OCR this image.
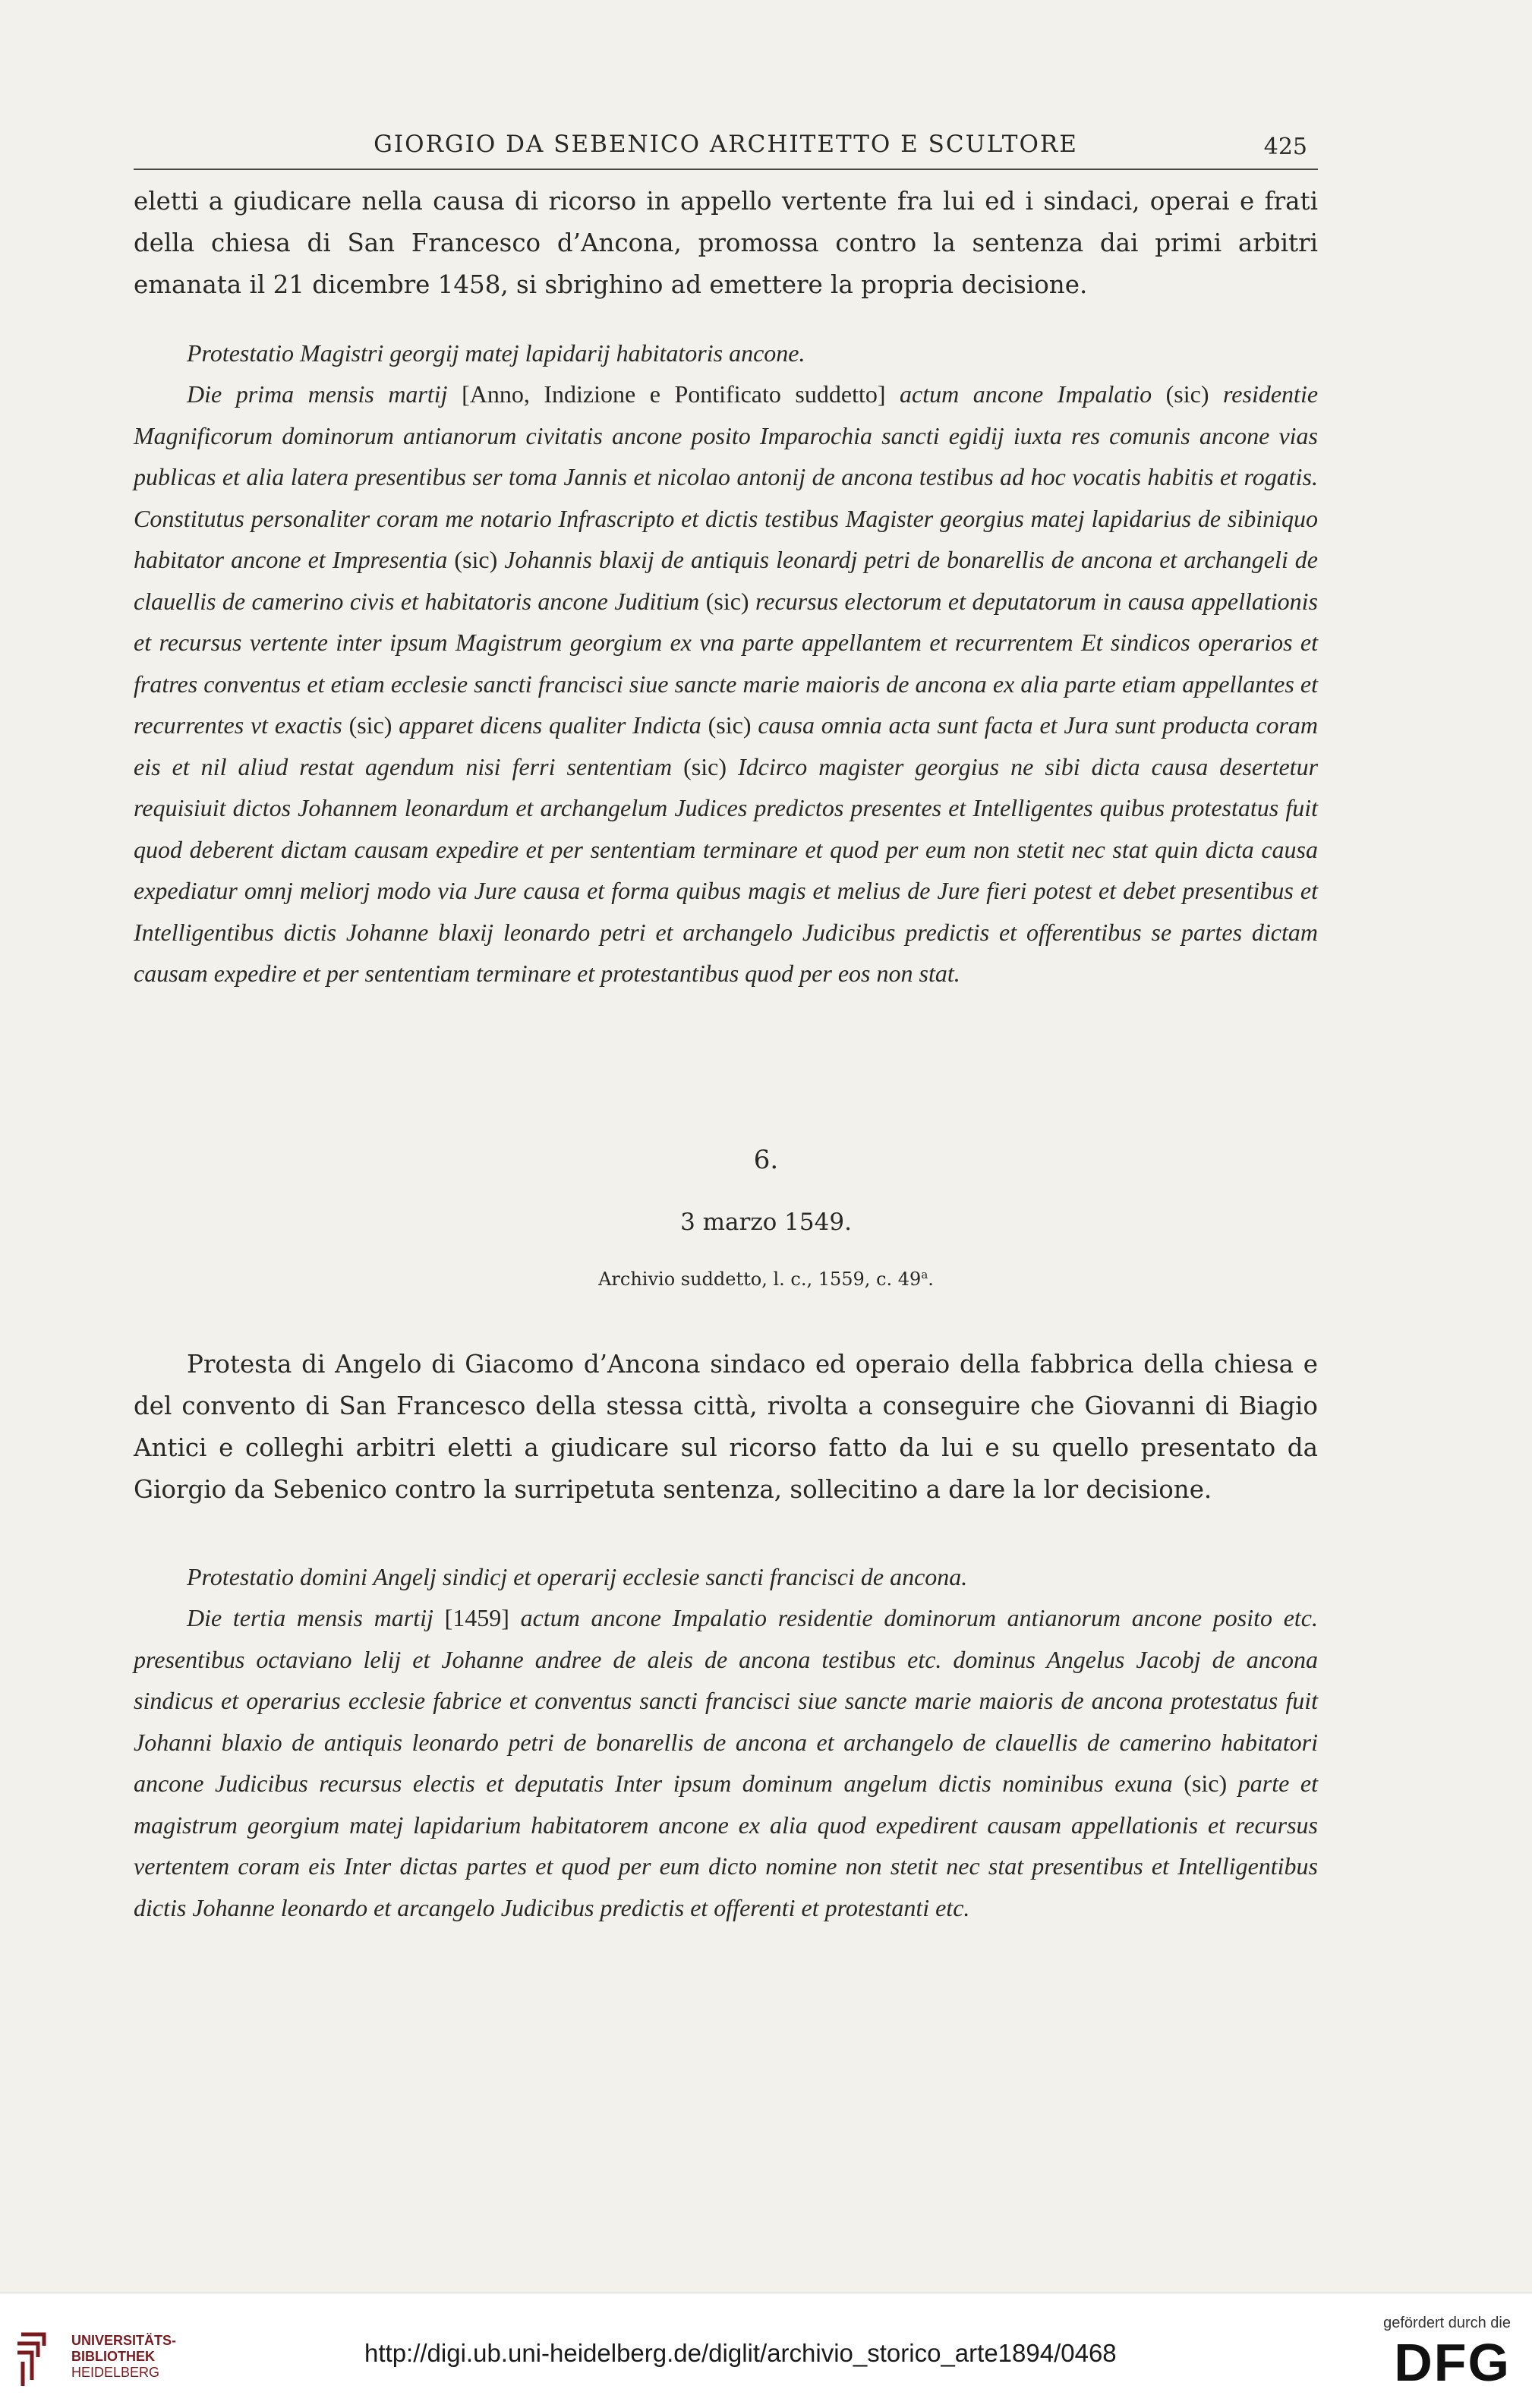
GIORGIO DA SEBENICO ARCHITETTO E SCULTORE	425

eletti a giudicare nella causa di ricorso in appello vertente fra lui ed i sindaci, operai e frati della chiesa di San Francesco d’Ancona, promossa contro la sentenza dai primi arbitri emanata il 21 dicembre 1458, si sbrighino ad emettere la propria decisione.

Protestatio Magistri georgij matej lapidarij habitatoris ancone.

Die prima mensis martij [Anno, Indizione e Pontificato suddetto] actum ancone Impalatio (sic) residentie Magnificorum dominorum antianorum civitatis ancone posito Imparochia sancti egidij iuxta res comunis ancone vias publicas et alia latera presentibus ser toma Jannis et nicolao antonij de ancona testibus ad hoc vocatis habitis et rogatis. Constitutus personaliter coram me notario Infrascripto et dictis testibus Magister georgius matej lapidarius de sibiniquo habitator ancone et Impresentia (sic) Johannis blaxij de antiquis leonardj petri de bonarellis de ancona et archangeli de clauellis de camerino civis et habitatoris ancone Juditium (sic) recursus electorum et deputatorum in causa appellationis et recursus vertente inter ipsum Magistrum georgium ex vna parte appellantem et recurrentem Et sindicos operarios et fratres conventus et etiam ecclesie sancti francisci siue sancte marie maioris de ancona ex alia parte etiam appellantes et recurrentes vt exactis (sic) apparet dicens qualiter Indicta (sic) causa omnia acta sunt facta et Jura sunt producta coram eis et nil aliud restat agendum nisi ferri sententiam (sic) Idcirco magister georgius ne sibi dicta causa desertetur requisiuit dictos Johannem leonardum et archangelum Judices predictos presentes et Intelligentes quibus protestatus fuit quod deberent dictam causam expedire et per sententiam terminare et quod per eum non stetit nec stat quin dicta causa expediatur omnj meliorj modo via Jure causa et forma quibus magis et melius de Jure fieri potest et debet presentibus et Intelligentibus dictis Johanne blaxij leonardo petri et archangelo Judicibus predictis et offerentibus se partes dictam causam expedire et per sententiam terminare et protestantibus quod per eos non stat.

6.
3 marzo 1549.
Archivio suddetto, l. c., 1559, c. 49$^a$.

Protesta di Angelo di Giacomo d’Ancona sindaco ed operaio della fabbrica della chiesa e del convento di San Francesco della stessa città, rivolta a conseguire che Giovanni di Biagio Antici e colleghi arbitri eletti a giudicare sul ricorso fatto da lui e su quello presentato da Giorgio da Sebenico contro la surripetuta sentenza, sollecitino a dare la lor decisione.

Protestatio domini Angelj sindicj et operarij ecclesie sancti francisci de ancona.

Die tertia mensis martij [1459] actum ancone Impalatio residentie dominorum antianorum ancone posito etc. presentibus octaviano lelij et Johanne andree de aleis de ancona testibus etc. dominus Angelus Jacobj de ancona sindicus et operarius ecclesie fabrice et conventus sancti francisci siue sancte marie maioris de ancona protestatus fuit Johanni blaxio de antiquis leonardo petri de bonarellis de ancona et archangelo de clauellis de camerino habitatori ancone Judicibus recursus electis et deputatis Inter ipsum dominum angelum dictis nominibus exuna (sic) parte et magistrum georgium matej lapidarium habitatorem ancone ex alia quod expedirent causam appellationis et recursus vertentem coram eis Inter dictas partes et quod per eum dicto nomine non stetit nec stat presentibus et Intelligentibus dictis Johanne leonardo et arcangelo Judicibus predictis et offerenti et protestanti etc.

UNIVERSITÄTS-
BIBLIOTHEK
HEIDELBERG
http://digi.ub.uni-heidelberg.de/diglit/archivio_storico_arte1894/0468
gefördert durch die
DFG
